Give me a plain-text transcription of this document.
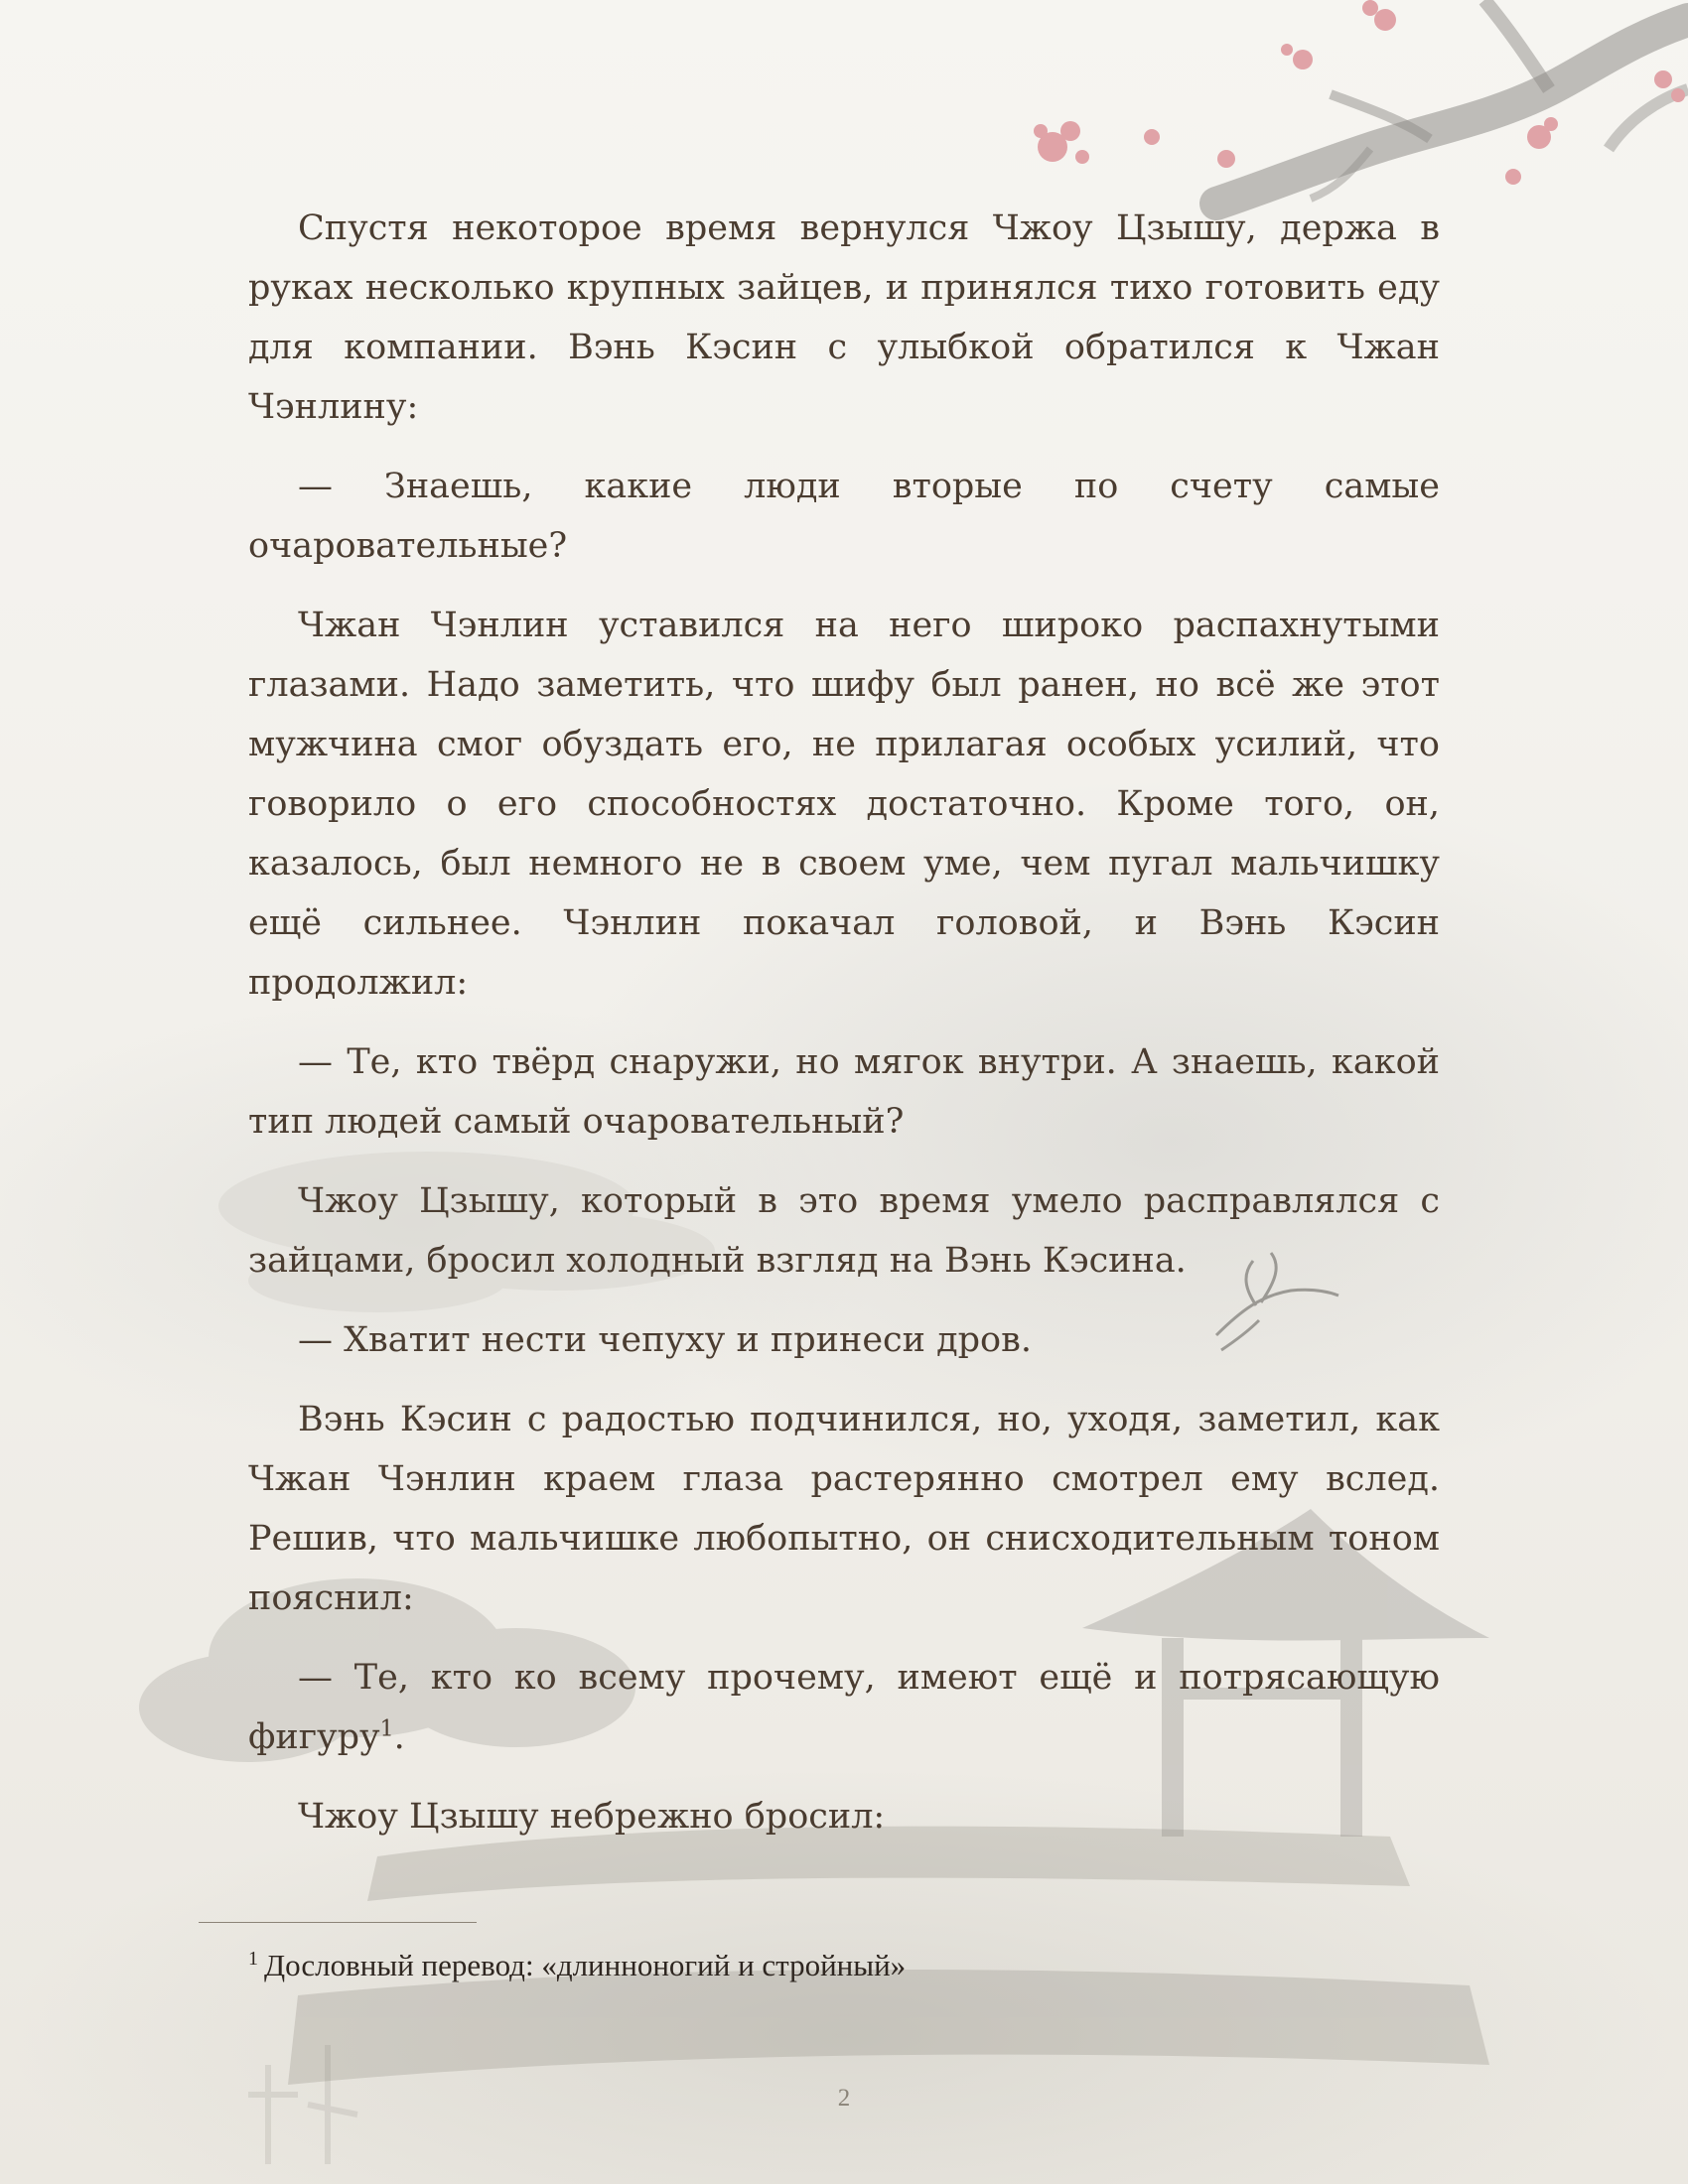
Спустя некоторое время вернулся Чжоу Цзышу, держа в руках несколько крупных зайцев, и принялся тихо готовить еду для компании. Вэнь Кэсин с улыбкой обратился к Чжан Чэнлину:

— Знаешь, какие люди вторые по счету самые очаровательные?

Чжан Чэнлин уставился на него широко распахнутыми глазами. Надо заметить, что шифу был ранен, но всё же этот мужчина смог обуздать его, не прилагая особых усилий, что говорило о его способностях достаточно. Кроме того, он, казалось, был немного не в своем уме, чем пугал мальчишку ещё сильнее. Чэнлин покачал головой, и Вэнь Кэсин продолжил:

— Те, кто твёрд снаружи, но мягок внутри. А знаешь, какой тип людей самый очаровательный?

Чжоу Цзышу, который в это время умело расправлялся с зайцами, бросил холодный взгляд на Вэнь Кэсина.

— Хватит нести чепуху и принеси дров.

Вэнь Кэсин с радостью подчинился, но, уходя, заметил, как Чжан Чэнлин краем глаза растерянно смотрел ему вслед. Решив, что мальчишке любопытно, он снисходительным тоном пояснил:

— Те, кто ко всему прочему, имеют ещё и потрясающую фигуру$^1$.

Чжоу Цзышу небрежно бросил:

$^1$ Дословный перевод: «длинноногий и стройный»
2
